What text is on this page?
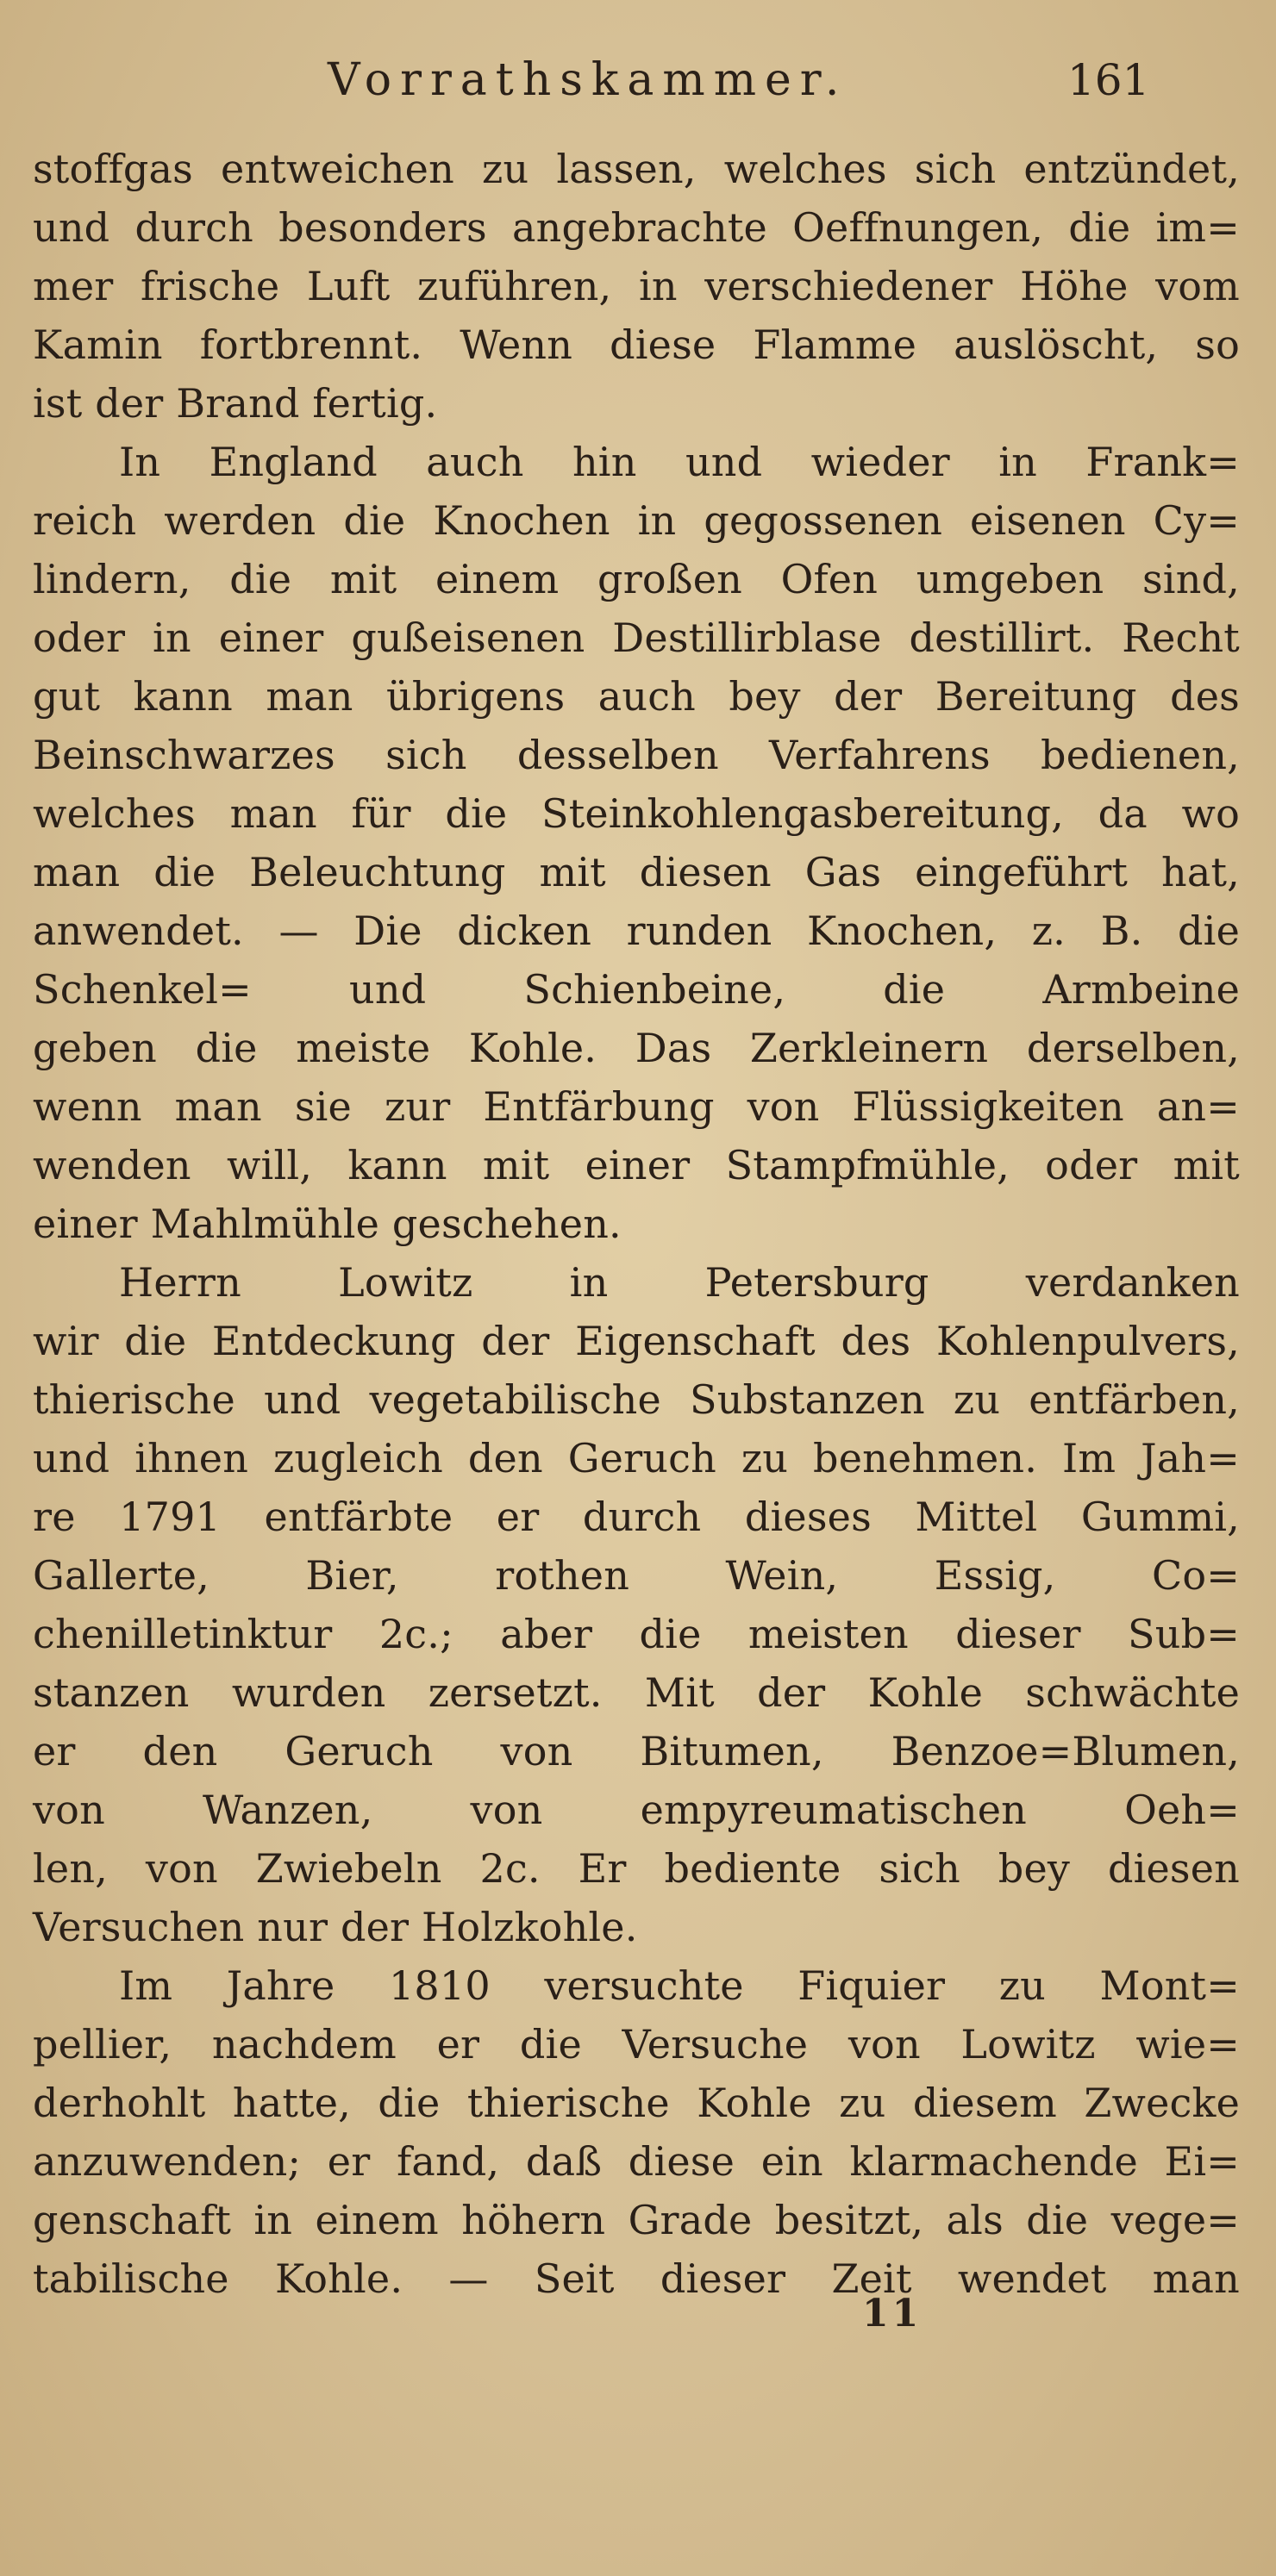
Vorrathskammer.	161
stoffgas entweichen zu lassen, welches sich entzündet,
und durch besonders angebrachte Oeffnungen, die im=
mer frische Luft zuführen, in verschiedener Höhe vom
Kamin fortbrennt. Wenn diese Flamme auslöscht, so
ist der Brand fertig.
In England auch hin und wieder in Frank=
reich werden die Knochen in gegossenen eisenen Cy=
lindern, die mit einem großen Ofen umgeben sind,
oder in einer gußeisenen Destillirblase destillirt. Recht
gut kann man übrigens auch bey der Bereitung des
Beinschwarzes sich desselben Verfahrens bedienen,
welches man für die Steinkohlengasbereitung, da wo
man die Beleuchtung mit diesen Gas eingeführt hat,
anwendet. — Die dicken runden Knochen, z. B. die
Schenkel= und Schienbeine, die Armbeine
geben die meiste Kohle. Das Zerkleinern derselben,
wenn man sie zur Entfärbung von Flüssigkeiten an=
wenden will, kann mit einer Stampfmühle, oder mit
einer Mahlmühle geschehen.
Herrn Lowitz in Petersburg verdanken
wir die Entdeckung der Eigenschaft des Kohlenpulvers,
thierische und vegetabilische Substanzen zu entfärben,
und ihnen zugleich den Geruch zu benehmen. Im Jah=
re 1791 entfärbte er durch dieses Mittel Gummi,
Gallerte, Bier, rothen Wein, Essig, Co=
chenilletinktur 2c.; aber die meisten dieser Sub=
stanzen wurden zersetzt. Mit der Kohle schwächte
er den Geruch von Bitumen, Benzoe=Blumen,
von Wanzen, von empyreumatischen Oeh=
len, von Zwiebeln 2c. Er bediente sich bey diesen
Versuchen nur der Holzkohle.
Im Jahre 1810 versuchte Fiquier zu Mont=
pellier, nachdem er die Versuche von Lowitz wie=
derhohlt hatte, die thierische Kohle zu diesem Zwecke
anzuwenden; er fand, daß diese ein klarmachende Ei=
genschaft in einem höhern Grade besitzt, als die vege=
tabilische Kohle. — Seit dieser Zeit wendet man
11
